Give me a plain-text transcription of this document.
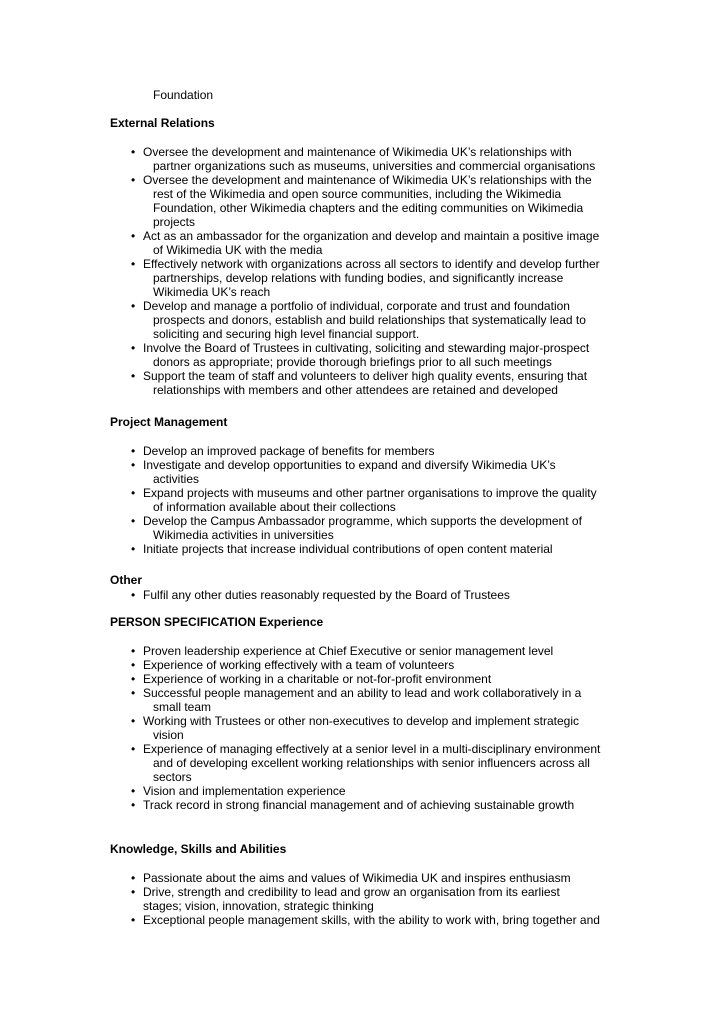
Foundation
External Relations
• Oversee the development and maintenance of Wikimedia UK’s relationships with
partner organizations such as museums, universities and commercial organisations
• Oversee the development and maintenance of Wikimedia UK’s relationships with the
rest of the Wikimedia and open source communities, including the Wikimedia
Foundation, other Wikimedia chapters and the editing communities on Wikimedia
projects
• Act as an ambassador for the organization and develop and maintain a positive image
of Wikimedia UK with the media
• Effectively network with organizations across all sectors to identify and develop further
partnerships, develop relations with funding bodies, and significantly increase
Wikimedia UK’s reach
• Develop and manage a portfolio of individual, corporate and trust and foundation
prospects and donors, establish and build relationships that systematically lead to
soliciting and securing high level financial support.
• Involve the Board of Trustees in cultivating, soliciting and stewarding major-prospect
donors as appropriate; provide thorough briefings prior to all such meetings
• Support the team of staff and volunteers to deliver high quality events, ensuring that
relationships with members and other attendees are retained and developed
Project Management
• Develop an improved package of benefits for members
• Investigate and develop opportunities to expand and diversify Wikimedia UK’s
activities
• Expand projects with museums and other partner organisations to improve the quality
of information available about their collections
• Develop the Campus Ambassador programme, which supports the development of
Wikimedia activities in universities
• Initiate projects that increase individual contributions of open content material
Other
• Fulfil any other duties reasonably requested by the Board of Trustees
PERSON SPECIFICATION Experience
• Proven leadership experience at Chief Executive or senior management level
• Experience of working effectively with a team of volunteers
• Experience of working in a charitable or not-for-profit environment
• Successful people management and an ability to lead and work collaboratively in a
small team
• Working with Trustees or other non-executives to develop and implement strategic
vision
• Experience of managing effectively at a senior level in a multi-disciplinary environment
and of developing excellent working relationships with senior influencers across all
sectors
• Vision and implementation experience
• Track record in strong financial management and of achieving sustainable growth
Knowledge, Skills and Abilities
• Passionate about the aims and values of Wikimedia UK and inspires enthusiasm
• Drive, strength and credibility to lead and grow an organisation from its earliest
stages; vision, innovation, strategic thinking
• Exceptional people management skills, with the ability to work with, bring together and
